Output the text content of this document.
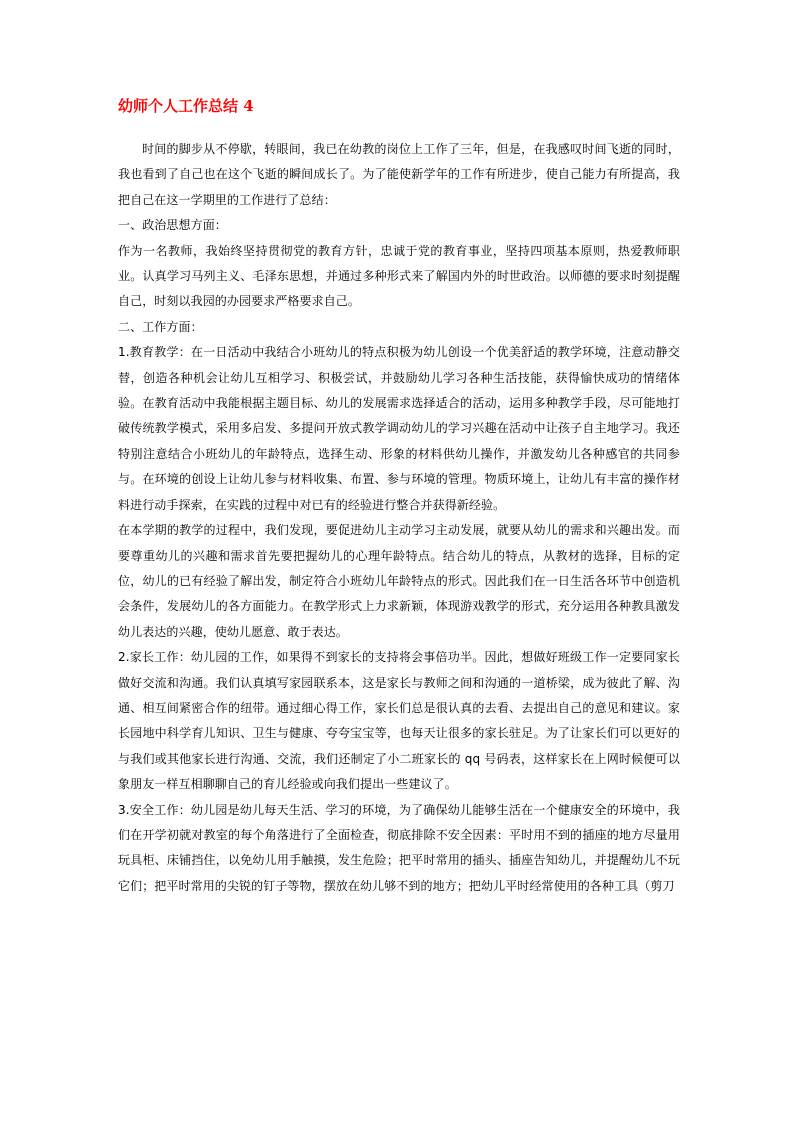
幼师个人工作总结 4

时间的脚步从不停歇，转眼间，我已在幼教的岗位上工作了三年，但是，在我感叹时间飞逝的同时，我也看到了自己也在这个飞逝的瞬间成长了。为了能使新学年的工作有所进步，使自己能力有所提高，我把自己在这一学期里的工作进行了总结：

一、政治思想方面：

作为一名教师，我始终坚持贯彻党的教育方针，忠诚于党的教育事业，坚持四项基本原则，热爱教师职业。认真学习马列主义、毛泽东思想，并通过多种形式来了解国内外的时世政治。以师德的要求时刻提醒自己，时刻以我园的办园要求严格要求自己。

二、工作方面：

1.教育教学：在一日活动中我结合小班幼儿的特点积极为幼儿创设一个优美舒适的教学环境，注意动静交替，创造各种机会让幼儿互相学习、积极尝试，并鼓励幼儿学习各种生活技能，获得愉快成功的情绪体验。在教育活动中我能根据主题目标、幼儿的发展需求选择适合的活动，运用多种教学手段，尽可能地打破传统教学模式，采用多启发、多提问开放式教学调动幼儿的学习兴趣在活动中让孩子自主地学习。我还特别注意结合小班幼儿的年龄特点，选择生动、形象的材料供幼儿操作，并激发幼儿各种感官的共同参与。在环境的创设上让幼儿参与材料收集、布置、参与环境的管理。物质环境上，让幼儿有丰富的操作材料进行动手探索，在实践的过程中对已有的经验进行整合并获得新经验。

在本学期的教学的过程中，我们发现，要促进幼儿主动学习主动发展，就要从幼儿的需求和兴趣出发。而要尊重幼儿的兴趣和需求首先要把握幼儿的心理年龄特点。结合幼儿的特点，从教材的选择，目标的定位，幼儿的已有经验了解出发，制定符合小班幼儿年龄特点的形式。因此我们在一日生活各环节中创造机会条件，发展幼儿的各方面能力。在教学形式上力求新颖，体现游戏教学的形式，充分运用各种教具激发幼儿表达的兴趣，使幼儿愿意、敢于表达。

2.家长工作：幼儿园的工作，如果得不到家长的支持将会事倍功半。因此，想做好班级工作一定要同家长做好交流和沟通。我们认真填写家园联系本，这是家长与教师之间和沟通的一道桥梁，成为彼此了解、沟通、相互间紧密合作的纽带。通过细心得工作，家长们总是很认真的去看、去提出自己的意见和建议。家长园地中科学育儿知识、卫生与健康、夸夸宝宝等，也每天让很多的家长驻足。为了让家长们可以更好的与我们或其他家长进行沟通、交流，我们还制定了小二班家长的 qq 号码表，这样家长在上网时候便可以象朋友一样互相聊聊自己的育儿经验或向我们提出一些建议了。

3.安全工作：幼儿园是幼儿每天生活、学习的环境，为了确保幼儿能够生活在一个健康安全的环境中，我们在开学初就对教室的每个角落进行了全面检查，彻底排除不安全因素：平时用不到的插座的地方尽量用玩具柜、床铺挡住，以免幼儿用手触摸，发生危险；把平时常用的插头、插座告知幼儿，并提醒幼儿不玩它们；把平时常用的尖锐的钉子等物，摆放在幼儿够不到的地方；把幼儿平时经常使用的各种工具（剪刀
